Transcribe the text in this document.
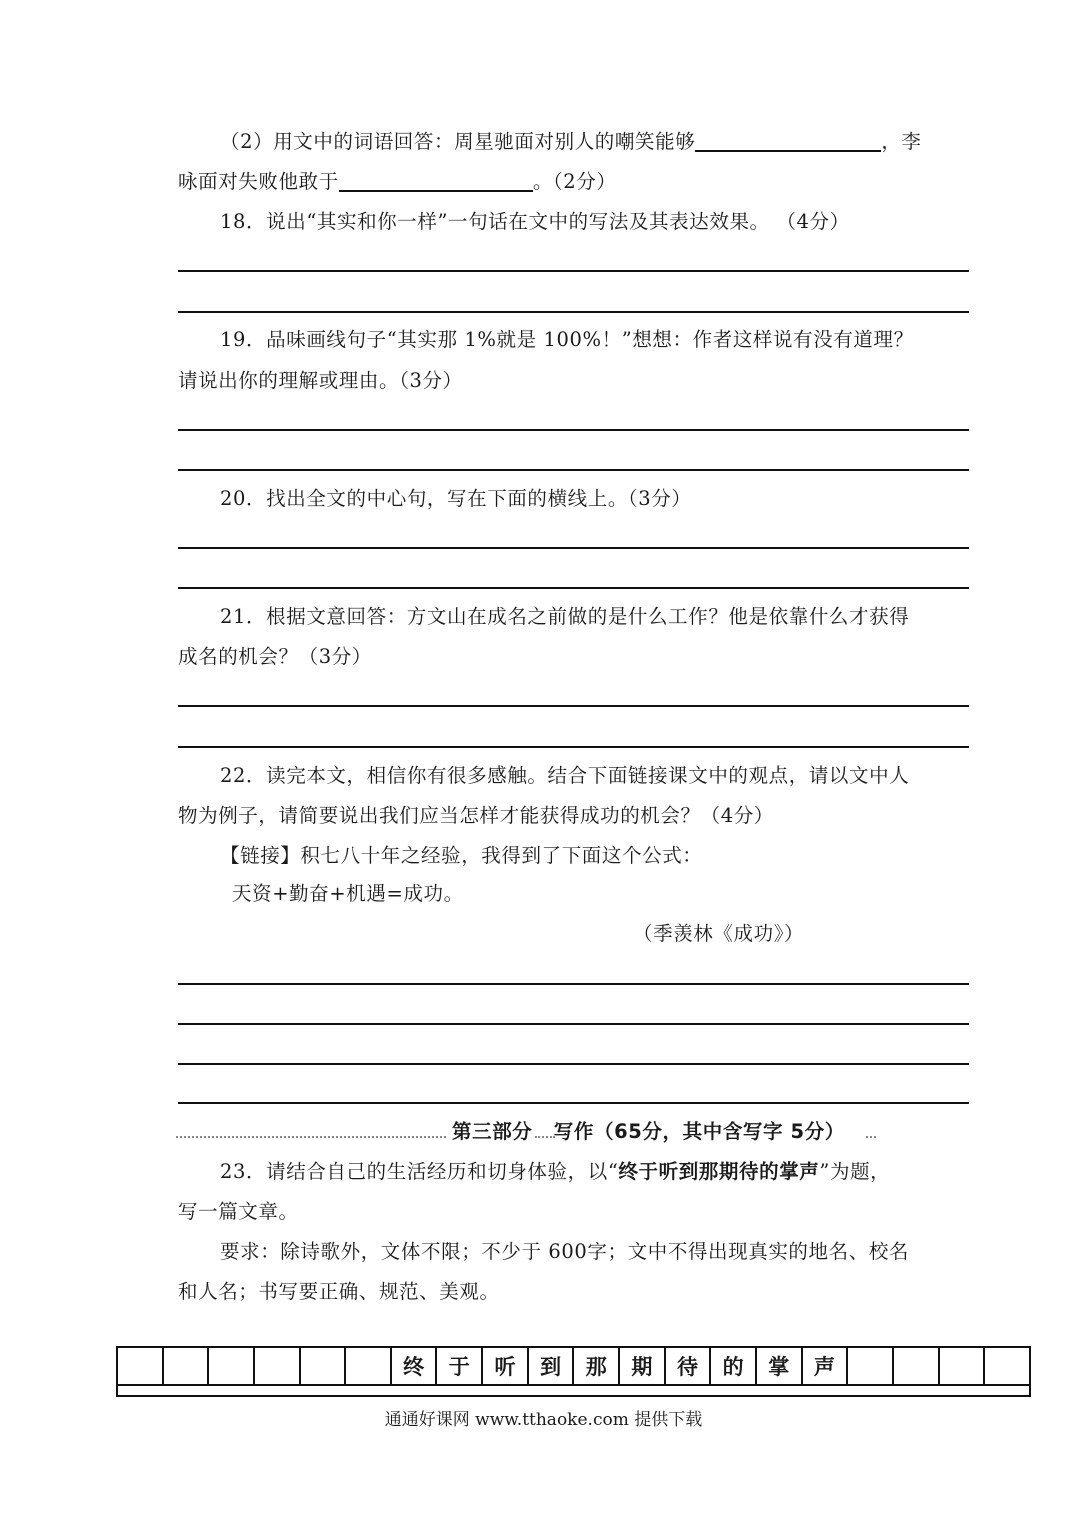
（2）用文中的词语回答：周星驰面对别人的嘲笑能够	，李
咏面对失败他敢于	。（2分）
18．说出“其实和你一样”一句话在文中的写法及其表达效果。 （4分）
19．品味画线句子“其实那 1%就是 100%！”想想：作者这样说有没有道理？
请说出你的理解或理由。（3分）
20．找出全文的中心句，写在下面的横线上。（3分）
21．根据文意回答：方文山在成名之前做的是什么工作？他是依靠什么才获得
成名的机会？（3分）
22．读完本文，相信你有很多感触。结合下面链接课文中的观点，请以文中人
物为例子，请简要说出我们应当怎样才能获得成功的机会？（4分）
【链接】积七八十年之经验，我得到了下面这个公式：
天资+勤奋+机遇=成功。
（季羡林《成功》）
第三部分 写作（65分，其中含写字 5分）
23．请结合自己的生活经历和切身体验，以“终于听到那期待的掌声”为题，
写一篇文章。
要求：除诗歌外，文体不限；不少于 600字；文中不得出现真实的地名、校名
和人名；书写要正确、规范、美观。
						终	于	听	到	那	期	待	的	掌	声				
通通好课网 www.tthaoke.com 提供下载
